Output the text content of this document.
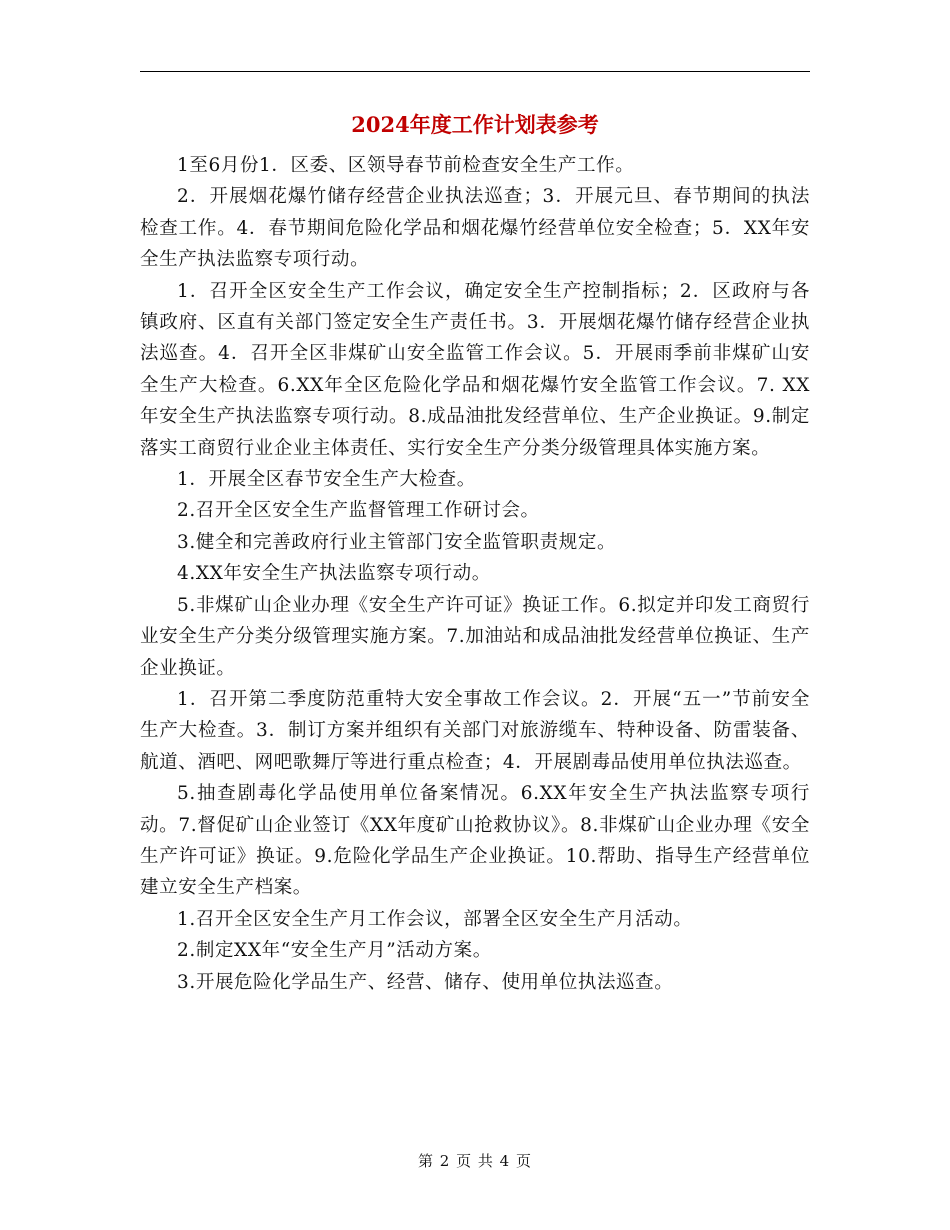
2024年度工作计划表参考

1至6月份1．区委、区领导春节前检查安全生产工作。

2．开展烟花爆竹储存经营企业执法巡查；3．开展元旦、春节期间的执法检查工作。4．春节期间危险化学品和烟花爆竹经营单位安全检查；5．XX年安全生产执法监察专项行动。

1．召开全区安全生产工作会议，确定安全生产控制指标；2．区政府与各镇政府、区直有关部门签定安全生产责任书。3．开展烟花爆竹储存经营企业执法巡查。4．召开全区非煤矿山安全监管工作会议。5．开展雨季前非煤矿山安全生产大检查。6.XX年全区危险化学品和烟花爆竹安全监管工作会议。7. XX年安全生产执法监察专项行动。8.成品油批发经营单位、生产企业换证。9.制定落实工商贸行业企业主体责任、实行安全生产分类分级管理具体实施方案。

1．开展全区春节安全生产大检查。

2.召开全区安全生产监督管理工作研讨会。

3.健全和完善政府行业主管部门安全监管职责规定。

4.XX年安全生产执法监察专项行动。

5.非煤矿山企业办理《安全生产许可证》换证工作。6.拟定并印发工商贸行业安全生产分类分级管理实施方案。7.加油站和成品油批发经营单位换证、生产企业换证。

1．召开第二季度防范重特大安全事故工作会议。2．开展“五一”节前安全生产大检查。3．制订方案并组织有关部门对旅游缆车、特种设备、防雷装备、航道、酒吧、网吧歌舞厅等进行重点检查；4．开展剧毒品使用单位执法巡查。

5.抽查剧毒化学品使用单位备案情况。6.XX年安全生产执法监察专项行动。7.督促矿山企业签订《XX年度矿山抢救协议》。8.非煤矿山企业办理《安全生产许可证》换证。9.危险化学品生产企业换证。10.帮助、指导生产经营单位建立安全生产档案。

1.召开全区安全生产月工作会议，部署全区安全生产月活动。

2.制定XX年“安全生产月”活动方案。

3.开展危险化学品生产、经营、储存、使用单位执法巡查。

第 2 页 共 4 页
